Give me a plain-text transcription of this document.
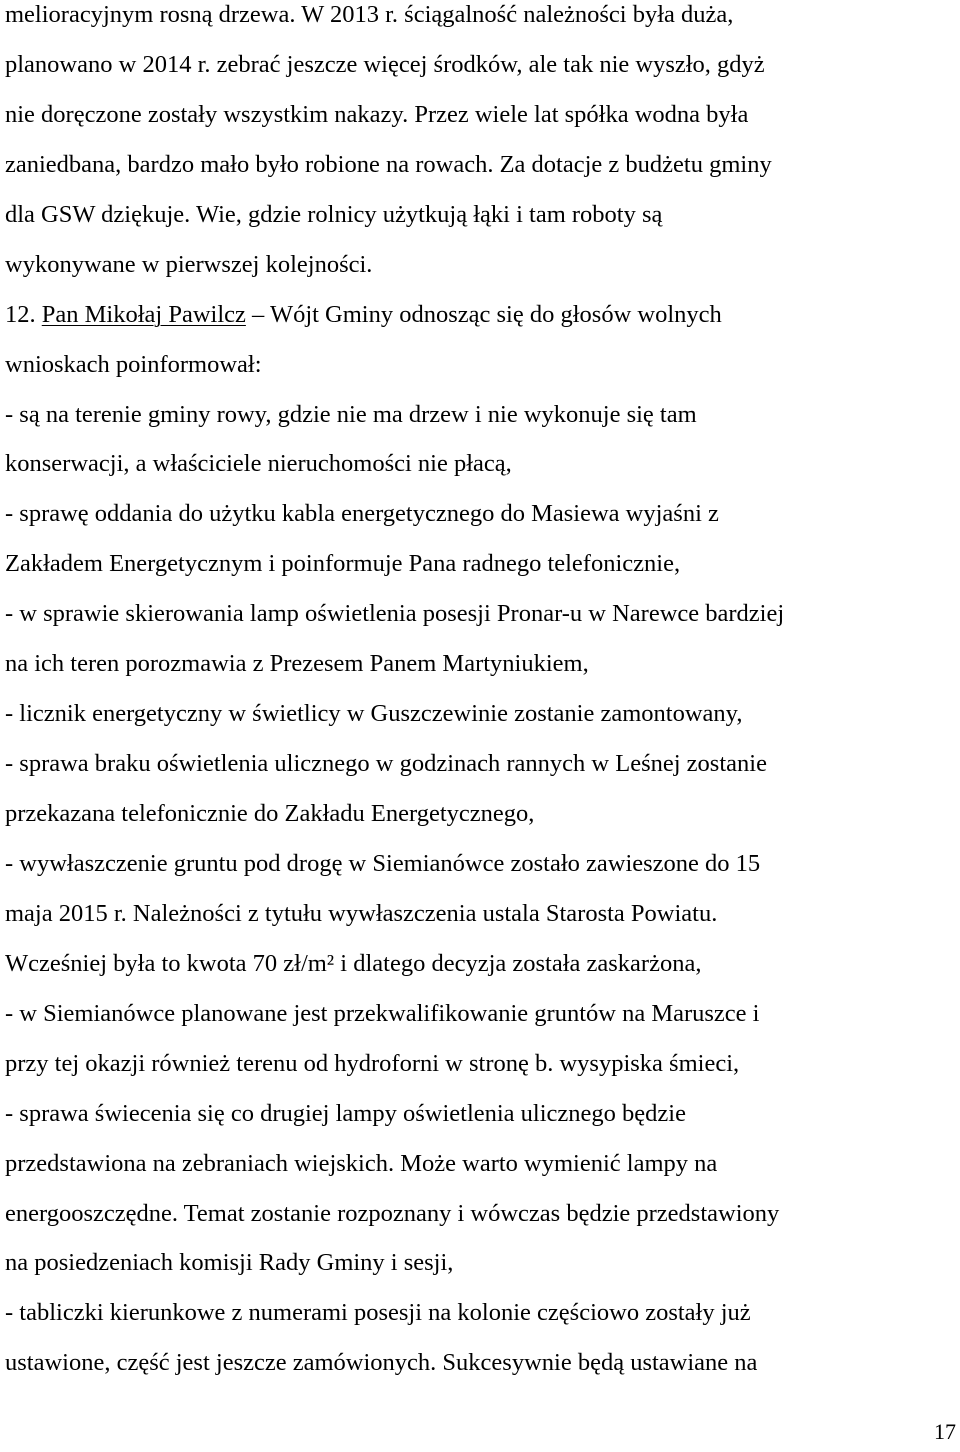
melioracyjnym rosną drzewa. W 2013 r. ściągalność należności była duża,
planowano w 2014 r. zebrać jeszcze więcej środków, ale tak nie wyszło, gdyż
nie doręczone zostały wszystkim nakazy. Przez wiele lat spółka wodna była
zaniedbana, bardzo mało było robione na rowach. Za dotacje z budżetu gminy
dla GSW dziękuje. Wie, gdzie rolnicy użytkują łąki i tam roboty są
wykonywane w pierwszej kolejności.
12. Pan Mikołaj Pawilcz – Wójt Gminy odnosząc się do głosów wolnych
wnioskach poinformował:
- są na terenie gminy rowy, gdzie nie ma drzew i nie wykonuje się tam
konserwacji, a właściciele nieruchomości nie płacą,
- sprawę oddania do użytku kabla energetycznego do Masiewa wyjaśni z
Zakładem Energetycznym i poinformuje Pana radnego telefonicznie,
- w sprawie skierowania lamp oświetlenia posesji Pronar-u w Narewce bardziej
na ich teren porozmawia z Prezesem Panem Martyniukiem,
- licznik energetyczny w świetlicy w Guszczewinie zostanie zamontowany,
- sprawa braku oświetlenia ulicznego w godzinach rannych w Leśnej zostanie
przekazana telefonicznie do Zakładu Energetycznego,
- wywłaszczenie gruntu pod drogę w Siemianówce zostało zawieszone do 15
maja 2015 r. Należności z tytułu wywłaszczenia ustala Starosta Powiatu.
Wcześniej była to kwota 70 zł/m² i dlatego decyzja została zaskarżona,
- w Siemianówce planowane jest przekwalifikowanie gruntów na Maruszce i
przy tej okazji również terenu od hydroforni w stronę b. wysypiska śmieci,
- sprawa świecenia się co drugiej lampy oświetlenia ulicznego będzie
przedstawiona na zebraniach wiejskich. Może warto wymienić lampy na
energooszczędne. Temat zostanie rozpoznany i wówczas będzie przedstawiony
na posiedzeniach komisji Rady Gminy i sesji,
- tabliczki kierunkowe z numerami posesji na kolonie częściowo zostały już
ustawione, część jest jeszcze zamówionych. Sukcesywnie będą ustawiane na
17
